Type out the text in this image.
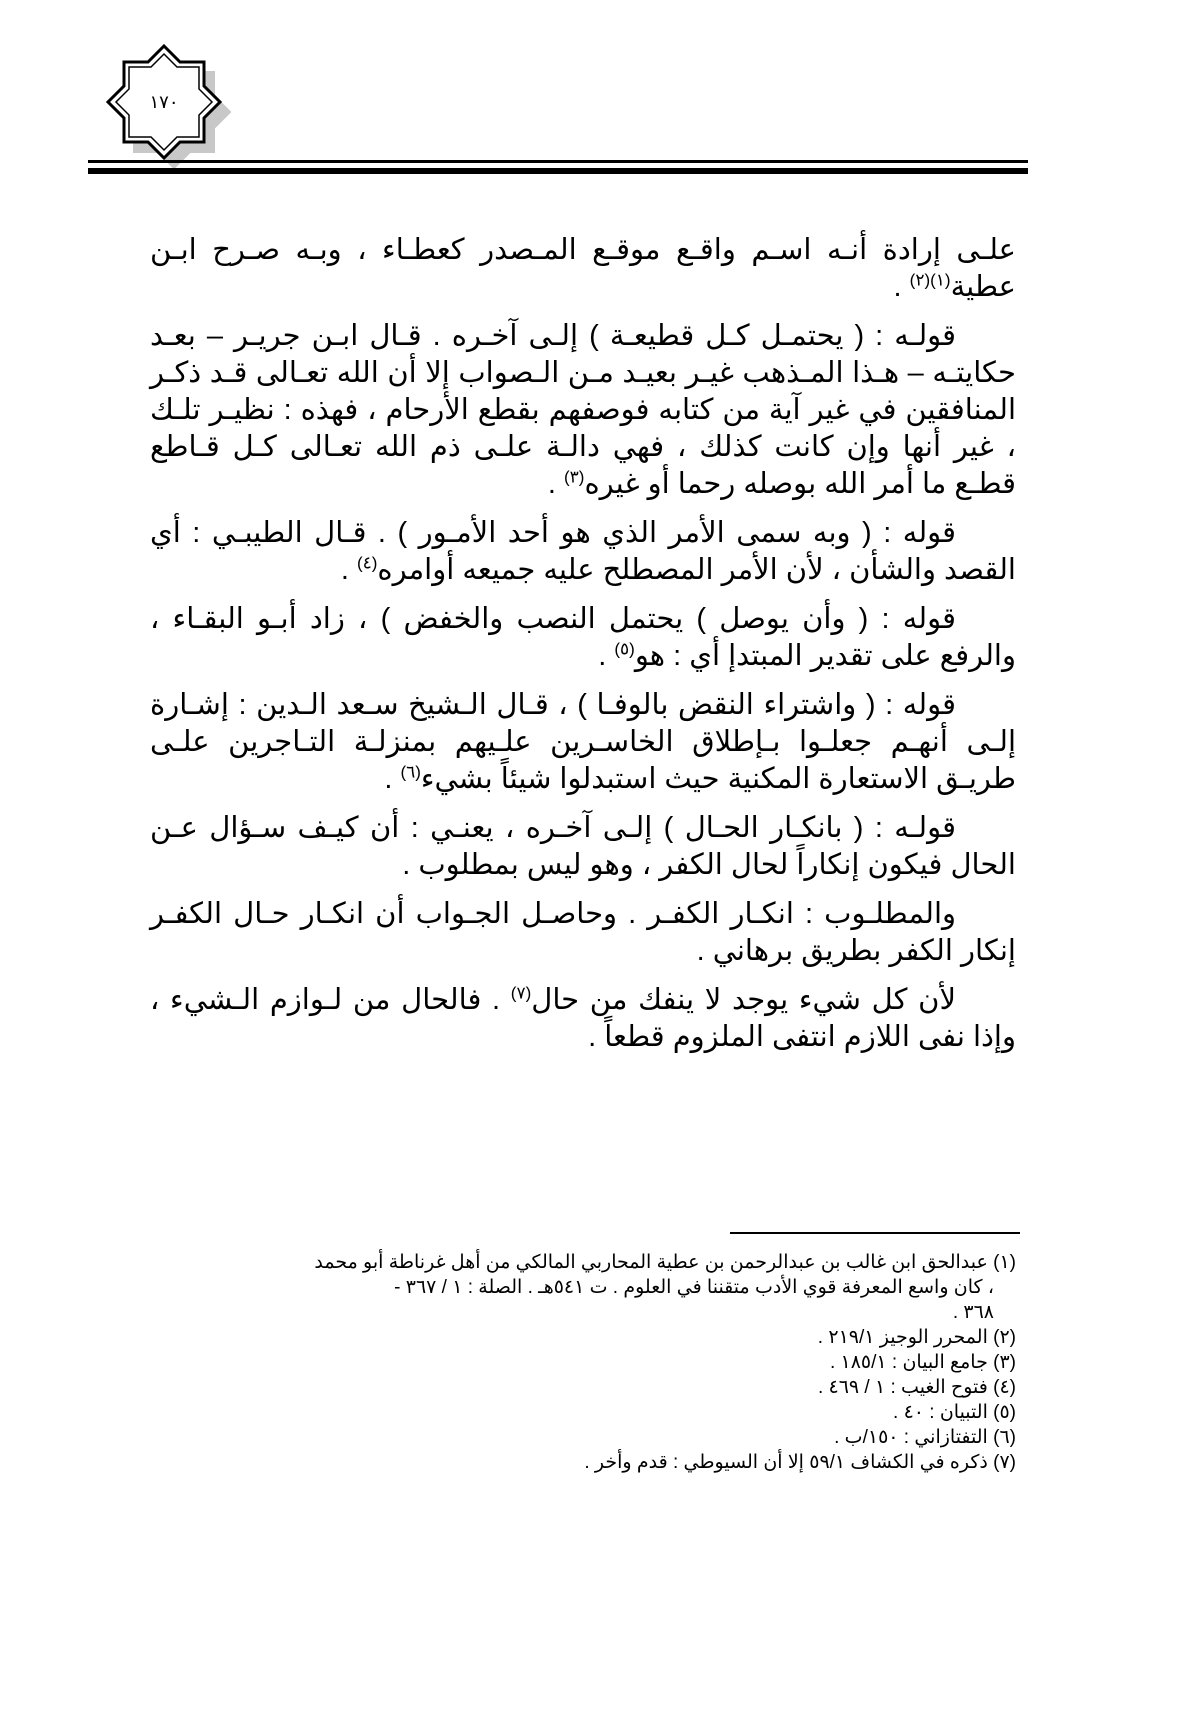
١٧٠

علـى إرادة أنـه اسـم واقـع موقـع المـصدر كعطـاء ، وبـه صـرح ابـن عطية$^{(١)(٢)}$ .

قولـه : ( يحتمـل كـل قطيعـة ) إلـى آخـره . قـال ابـن جريـر – بعـد حكايتـه – هـذا المـذهب غيـر بعيـد مـن الـصواب إلا أن الله تعـالى قـد ذكـر المنافقين في غير آية من كتابه فوصفهم بقطع الأرحام ، فهذه : نظيـر تلـك ، غير أنها وإن كانت كذلك ، فهي دالـة علـى ذم الله تعـالى كـل قـاطع قطـع ما أمر الله بوصله رحما أو غيره$^{(٣)}$ .

قوله : ( وبه سمى الأمر الذي هو أحد الأمـور ) . قـال الطيبـي : أي القصد والشأن ، لأن الأمر المصطلح عليه جميعه أوامره$^{(٤)}$ .

قوله : ( وأن يوصل ) يحتمل النصب والخفض ) ، زاد أبـو البقـاء ، والرفع على تقدير المبتدإ أي : هو$^{(٥)}$ .

قوله : ( واشتراء النقض بالوفـا ) ، قـال الـشيخ سـعد الـدين : إشـارة إلـى أنهـم جعلـوا بـإطلاق الخاسـرين علـيهم بمنزلـة التـاجرين علـى طريـق الاستعارة المكنية حيث استبدلوا شيئاً بشيء$^{(٦)}$ .

قولـه : ( بانكـار الحـال ) إلـى آخـره ، يعنـي : أن كيـف سـؤال عـن الحال فيكون إنكاراً لحال الكفر ، وهو ليس بمطلوب .

والمطلـوب : انكـار الكفـر . وحاصـل الجـواب أن انكـار حـال الكفـر إنكار الكفر بطريق برهاني .

لأن كل شيء يوجد لا ينفك من حال$^{(٧)}$ . فالحال من لـوازم الـشيء ، وإذا نفى اللازم انتفى الملزوم قطعاً .

(١) عبدالحق ابن غالب بن عبدالرحمن بن عطية المحاربي المالكي من أهل غرناطة أبو محمد

، كان واسع المعرفة قوي الأدب متقننا في العلوم . ت ٥٤١هـ . الصلة : ١ / ٣٦٧ -

٣٦٨ .

(٢) المحرر الوجيز ٢١٩/١ .

(٣) جامع البيان : ١٨٥/١ .

(٤) فتوح الغيب : ١ / ٤٦٩ .

(٥) التبيان : ٤٠ .

(٦) التفتازاني : ١٥٠/ب .

(٧) ذكره في الكشاف ٥٩/١ إلا أن السيوطي : قدم وأخر .
